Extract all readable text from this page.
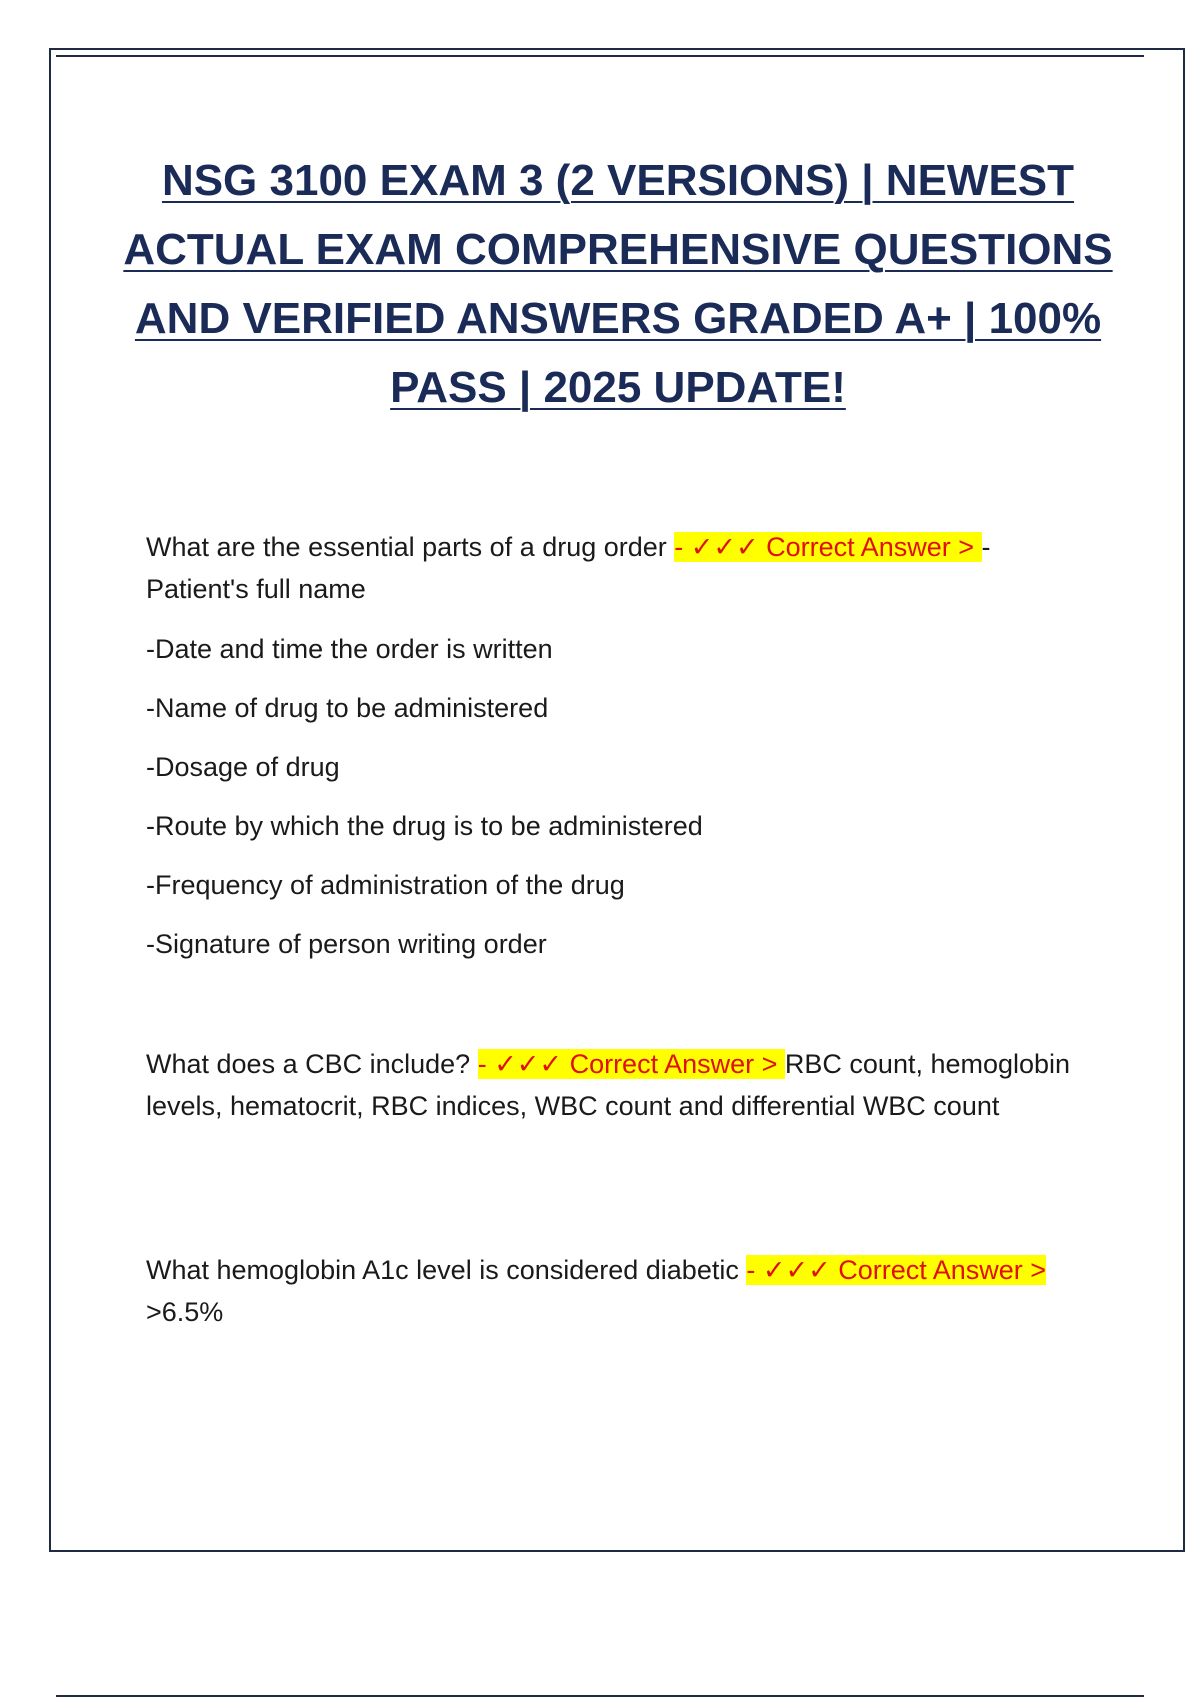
NSG 3100 EXAM 3 (2 VERSIONS) | NEWEST ACTUAL EXAM COMPREHENSIVE QUESTIONS AND VERIFIED ANSWERS GRADED A+ | 100% PASS | 2025 UPDATE!

What are the essential parts of a drug order - ✓✓✓ Correct Answer > -
Patient's full name

-Date and time the order is written

-Name of drug to be administered

-Dosage of drug

-Route by which the drug is to be administered

-Frequency of administration of the drug

-Signature of person writing order

What does a CBC include? - ✓✓✓ Correct Answer > RBC count, hemoglobin levels, hematocrit, RBC indices, WBC count and differential WBC count

What hemoglobin A1c level is considered diabetic - ✓✓✓ Correct Answer > >6.5%
